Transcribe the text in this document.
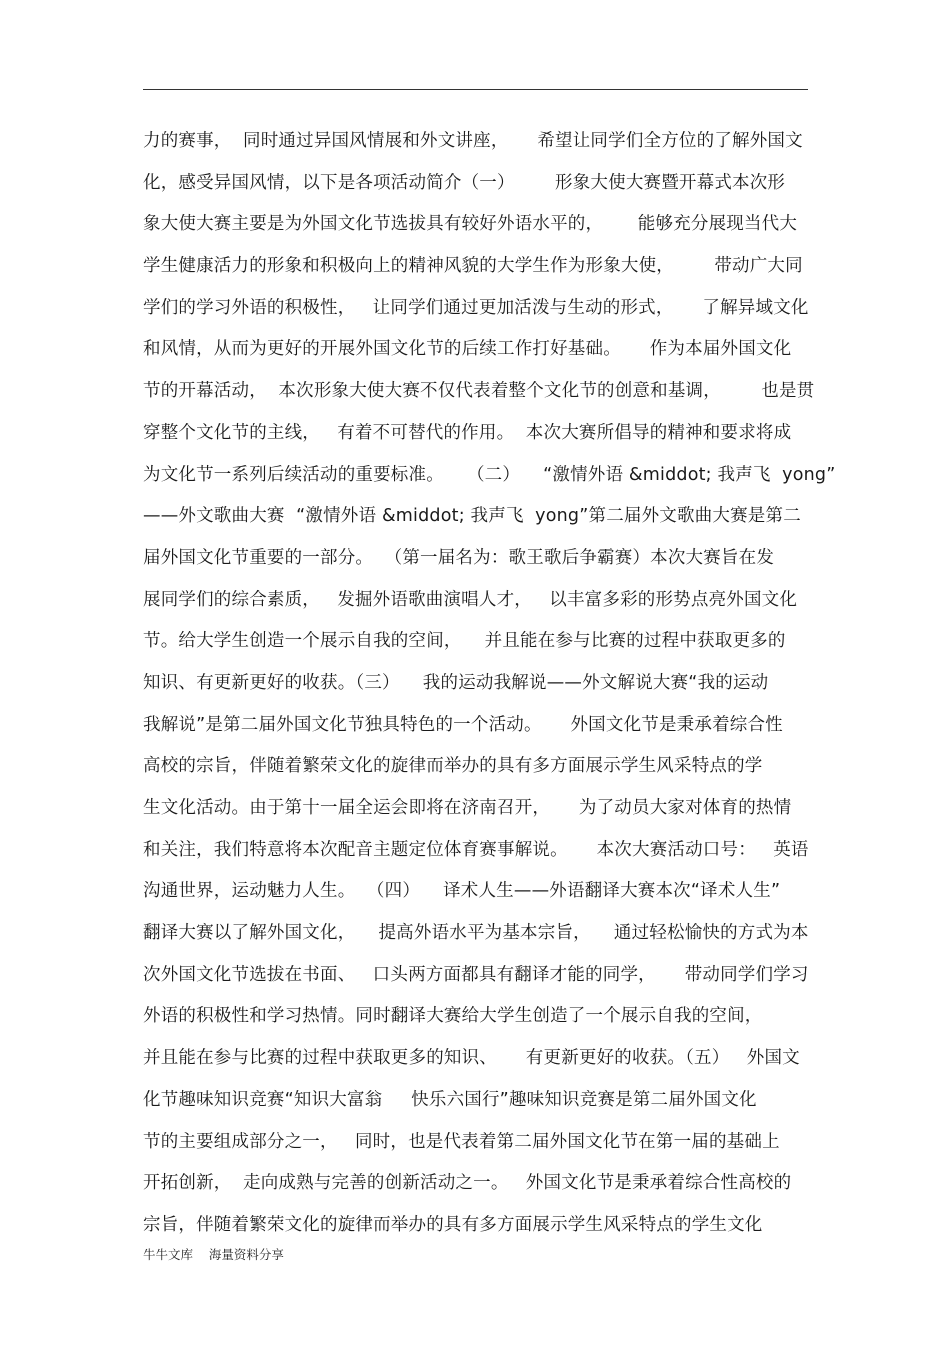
力的赛事，  同时通过异国风情展和外文讲座，     希望让同学们全方位的了解外国文
化，感受异国风情，以下是各项活动简介（一）       形象大使大赛暨开幕式本次形
象大使大赛主要是为外国文化节选拔具有较好外语水平的，      能够充分展现当代大
学生健康活力的形象和积极向上的精神风貌的大学生作为形象大使，       带动广大同
学们的学习外语的积极性，   让同学们通过更加活泼与生动的形式，     了解异域文化
和风情，从而为更好的开展外国文化节的后续工作打好基础。     作为本届外国文化
节的开幕活动，  本次形象大使大赛不仅代表着整个文化节的创意和基调，       也是贯
穿整个文化节的主线，   有着不可替代的作用。  本次大赛所倡导的精神和要求将成
为文化节一系列后续活动的重要标准。    （二）    “激情外语 &middot; 我声飞  yong”
——外文歌曲大赛  “激情外语 &middot; 我声飞  yong”第二届外文歌曲大赛是第二
届外国文化节重要的一部分。  （第一届名为：歌王歌后争霸赛）本次大赛旨在发
展同学们的综合素质，   发掘外语歌曲演唱人才，   以丰富多彩的形势点亮外国文化
节。给大学生创造一个展示自我的空间，    并且能在参与比赛的过程中获取更多的
知识、有更新更好的收获。（三）    我的运动我解说——外文解说大赛“我的运动
我解说”是第二届外国文化节独具特色的一个活动。     外国文化节是秉承着综合性
高校的宗旨，伴随着繁荣文化的旋律而举办的具有多方面展示学生风采特点的学
生文化活动。由于第十一届全运会即将在济南召开，     为了动员大家对体育的热情
和关注，我们特意将本次配音主题定位体育赛事解说。     本次大赛活动口号：   英语
沟通世界，运动魅力人生。  （四）    译术人生——外语翻译大赛本次“译术人生”
翻译大赛以了解外国文化，    提高外语水平为基本宗旨，    通过轻松愉快的方式为本
次外国文化节选拔在书面、   口头两方面都具有翻译才能的同学，     带动同学们学习
外语的积极性和学习热情。同时翻译大赛给大学生创造了一个展示自我的空间，
并且能在参与比赛的过程中获取更多的知识、     有更新更好的收获。（五）   外国文
化节趣味知识竞赛“知识大富翁     快乐六国行”趣味知识竞赛是第二届外国文化
节的主要组成部分之一，   同时，也是代表着第二届外国文化节在第一届的基础上
开拓创新，  走向成熟与完善的创新活动之一。   外国文化节是秉承着综合性高校的
宗旨，伴随着繁荣文化的旋律而举办的具有多方面展示学生风采特点的学生文化
牛牛文库    海量资料分享
